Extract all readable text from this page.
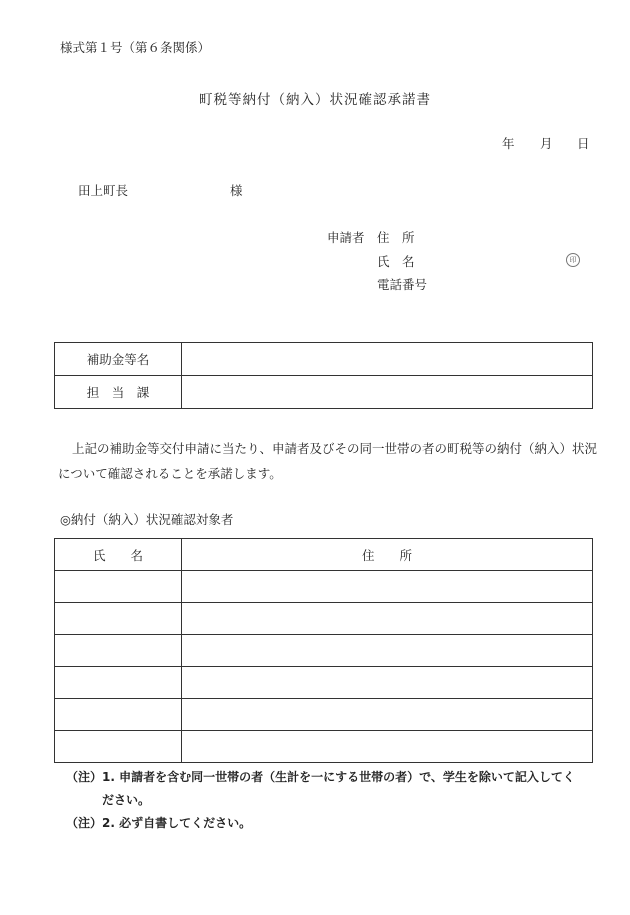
様式第１号（第６条関係）
町税等納付（納入）状況確認承諾書
年 月 日
田上町長	様
申請者 住　所
氏　名	印
電話番号
補助金等名	
担　当　課	
上記の補助金等交付申請に当たり、申請者及びその同一世帯の者の町税等の納付（納入）状況
について確認されることを承諾します。
◎納付（納入）状況確認対象者
氏　　名	住　　所

（注）1. 申請者を含む同一世帯の者（生計を一にする世帯の者）で、学生を除いて記入してく
ださい。
（注）2. 必ず自書してください。
